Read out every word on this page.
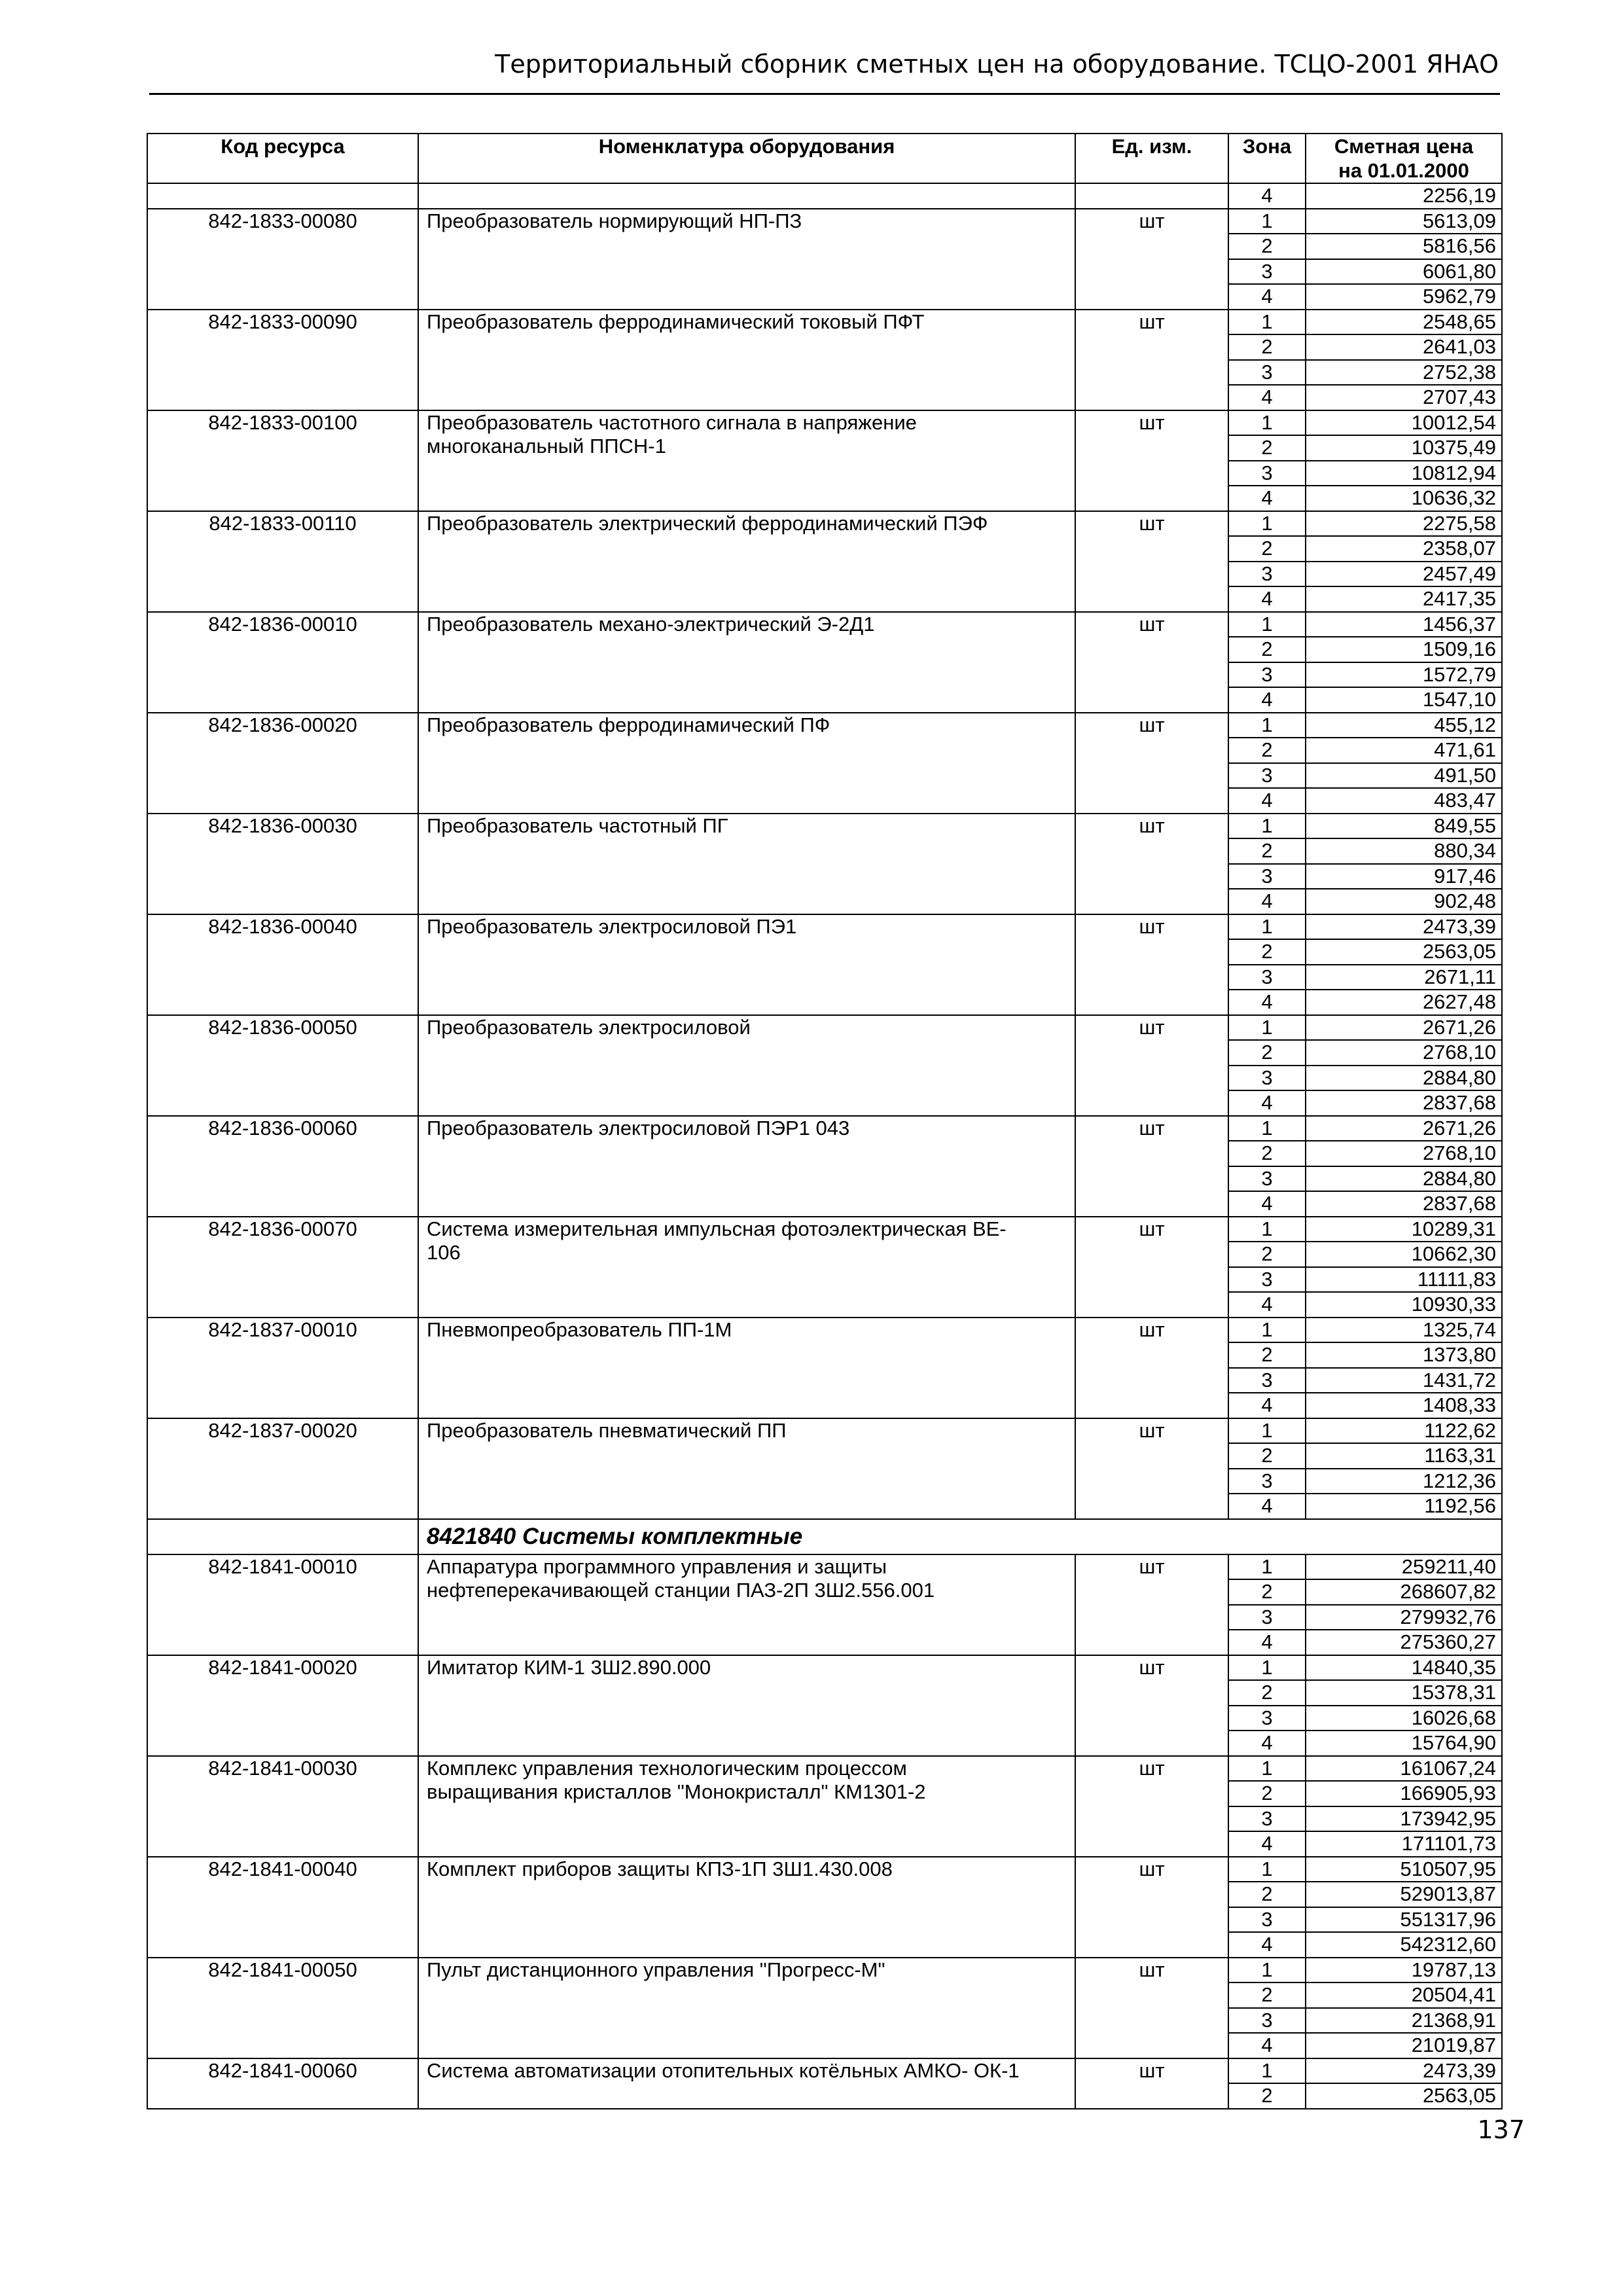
Территориальный сборник сметных цен на оборудование. ТСЦО-2001 ЯНАО
Код ресурса	Номенклатура оборудования	Ед. изм.	Зона	Сметная цена
на 01.01.2000
			4	2256,19
842-1833-00080	Преобразователь нормирующий НП-ПЗ	шт	1	5613,09
			2	5816,56
			3	6061,80
			4	5962,79
842-1833-00090	Преобразователь ферродинамический токовый ПФТ	шт	1	2548,65
			2	2641,03
			3	2752,38
			4	2707,43
842-1833-00100	Преобразователь частотного сигнала в напряжение
многоканальный ППСН-1	шт	1	10012,54
			2	10375,49
			3	10812,94
			4	10636,32
842-1833-00110	Преобразователь электрический ферродинамический ПЭФ	шт	1	2275,58
			2	2358,07
			3	2457,49
			4	2417,35
842-1836-00010	Преобразователь механо-электрический Э-2Д1	шт	1	1456,37
			2	1509,16
			3	1572,79
			4	1547,10
842-1836-00020	Преобразователь ферродинамический ПФ	шт	1	455,12
			2	471,61
			3	491,50
			4	483,47
842-1836-00030	Преобразователь частотный ПГ	шт	1	849,55
			2	880,34
			3	917,46
			4	902,48
842-1836-00040	Преобразователь электросиловой ПЭ1	шт	1	2473,39
			2	2563,05
			3	2671,11
			4	2627,48
842-1836-00050	Преобразователь электросиловой	шт	1	2671,26
			2	2768,10
			3	2884,80
			4	2837,68
842-1836-00060	Преобразователь электросиловой ПЭР1 043	шт	1	2671,26
			2	2768,10
			3	2884,80
			4	2837,68
842-1836-00070	Система измерительная импульсная фотоэлектрическая ВЕ-
106	шт	1	10289,31
			2	10662,30
			3	11111,83
			4	10930,33
842-1837-00010	Пневмопреобразователь ПП-1М	шт	1	1325,74
			2	1373,80
			3	1431,72
			4	1408,33
842-1837-00020	Преобразователь пневматический ПП	шт	1	1122,62
			2	1163,31
			3	1212,36
			4	1192,56
	8421840 Системы комплектные			
842-1841-00010	Аппаратура программного управления и защиты
нефтеперекачивающей станции ПАЗ-2П 3Ш2.556.001	шт	1	259211,40
			2	268607,82
			3	279932,76
			4	275360,27
842-1841-00020	Имитатор КИМ-1 3Ш2.890.000	шт	1	14840,35
			2	15378,31
			3	16026,68
			4	15764,90
842-1841-00030	Комплекс управления технологическим процессом
выращивания кристаллов "Монокристалл" КМ1301-2	шт	1	161067,24
			2	166905,93
			3	173942,95
			4	171101,73
842-1841-00040	Комплект приборов защиты КПЗ-1П 3Ш1.430.008	шт	1	510507,95
			2	529013,87
			3	551317,96
			4	542312,60
842-1841-00050	Пульт дистанционного управления "Прогресс-М"	шт	1	19787,13
			2	20504,41
			3	21368,91
			4	21019,87
842-1841-00060	Система автоматизации отопительных котёльных АМКО- ОК-1	шт	1	2473,39
			2	2563,05
137
